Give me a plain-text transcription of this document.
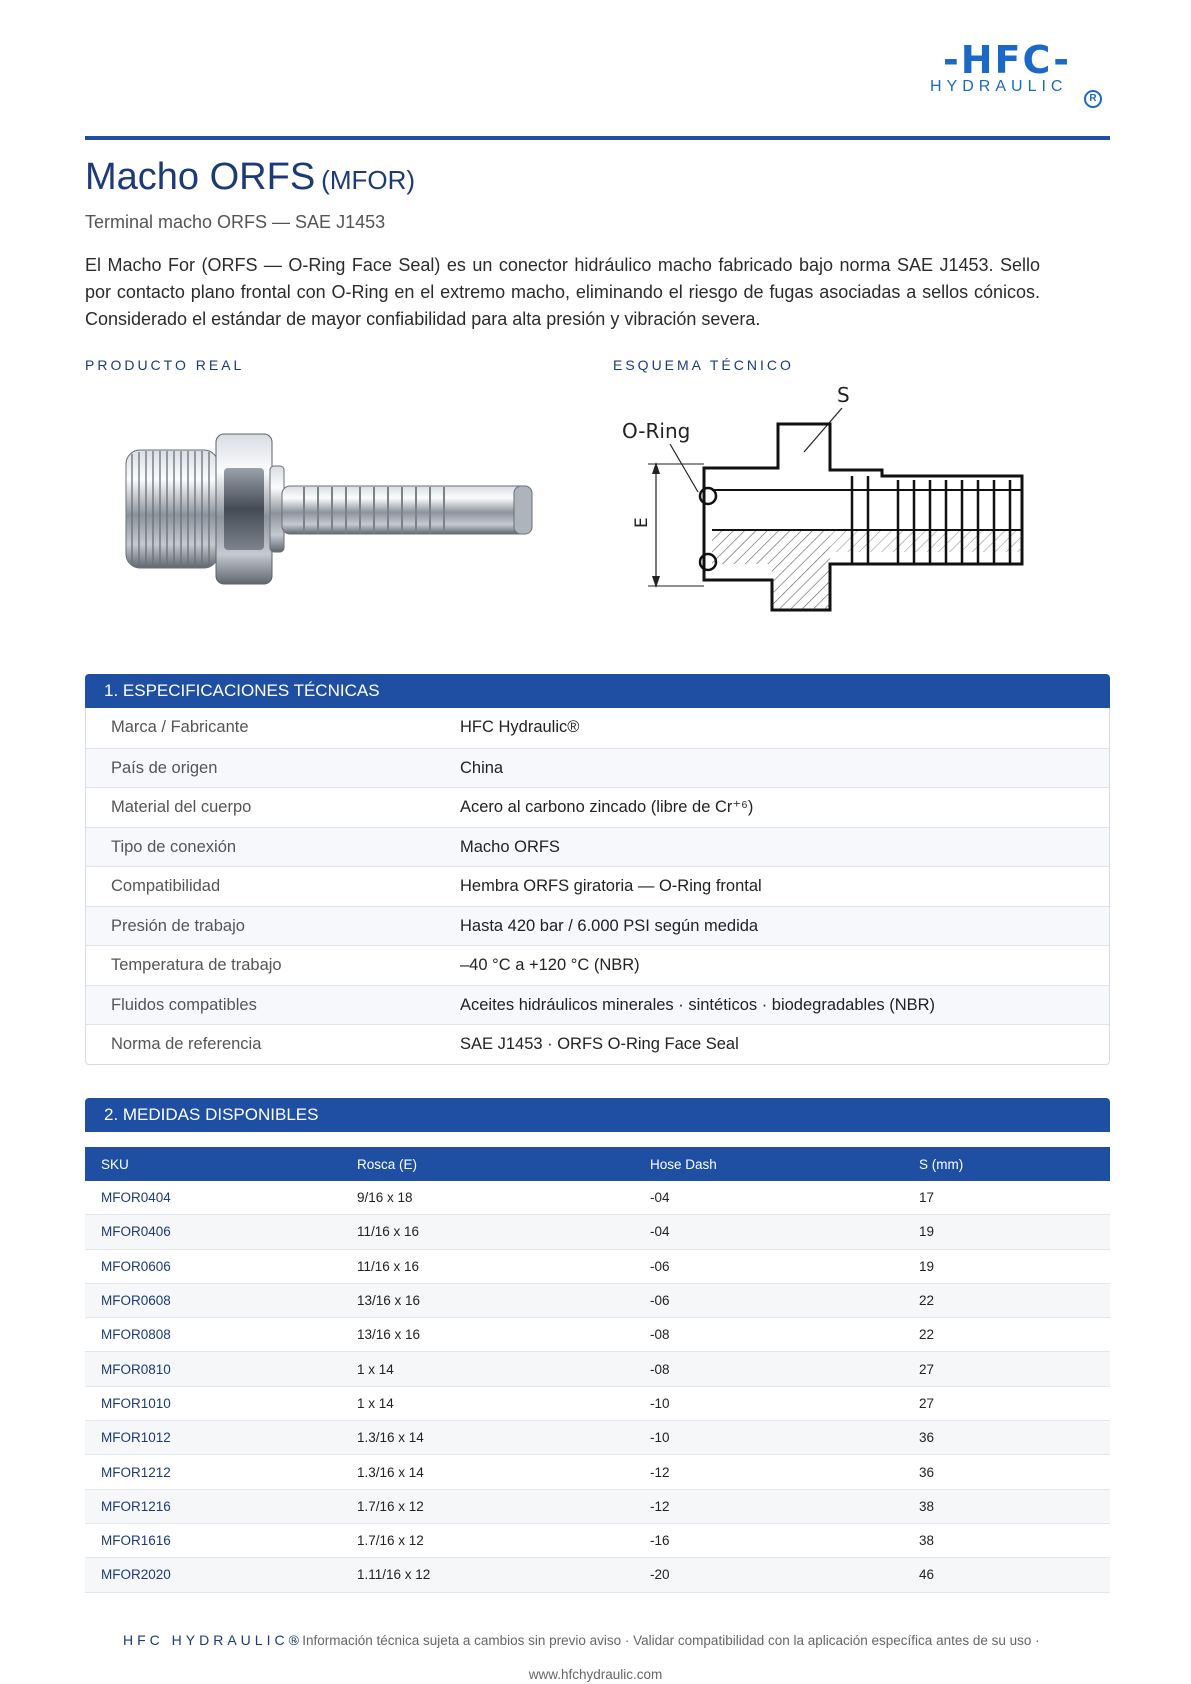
-HFC-
HYDRAULIC
R
Macho ORFS (MFOR)
Terminal macho ORFS — SAE J1453
El Macho For (ORFS — O-Ring Face Seal) es un conector hidráulico macho fabricado bajo norma SAE J1453. Sello por contacto plano frontal con O-Ring en el extremo macho, eliminando el riesgo de fugas asociadas a sellos cónicos. Considerado el estándar de mayor confiabilidad para alta presión y vibración severa.
PRODUCTO REAL	ESQUEMA TÉCNICO
O-Ring
S
E
1. ESPECIFICACIONES TÉCNICAS
Marca / Fabricante	HFC Hydraulic®
País de origen	China
Material del cuerpo	Acero al carbono zincado (libre de Cr⁺⁶)
Tipo de conexión	Macho ORFS
Compatibilidad	Hembra ORFS giratoria — O-Ring frontal
Presión de trabajo	Hasta 420 bar / 6.000 PSI según medida
Temperatura de trabajo	–40 °C a +120 °C (NBR)
Fluidos compatibles	Aceites hidráulicos minerales · sintéticos · biodegradables (NBR)
Norma de referencia	SAE J1453 · ORFS O-Ring Face Seal
2. MEDIDAS DISPONIBLES
SKU	Rosca (E)	Hose Dash	S (mm)
MFOR0404	9/16 x 18	-04	17
MFOR0406	11/16 x 16	-04	19
MFOR0606	11/16 x 16	-06	19
MFOR0608	13/16 x 16	-06	22
MFOR0808	13/16 x 16	-08	22
MFOR0810	1 x 14	-08	27
MFOR1010	1 x 14	-10	27
MFOR1012	1.3/16 x 14	-10	36
MFOR1212	1.3/16 x 14	-12	36
MFOR1216	1.7/16 x 12	-12	38
MFOR1616	1.7/16 x 12	-16	38
MFOR2020	1.11/16 x 12	-20	46
HFC HYDRAULIC®
· Información técnica sujeta a cambios sin previo aviso · Validar compatibilidad con la aplicación específica antes de su uso ·
www.hfchydraulic.com
